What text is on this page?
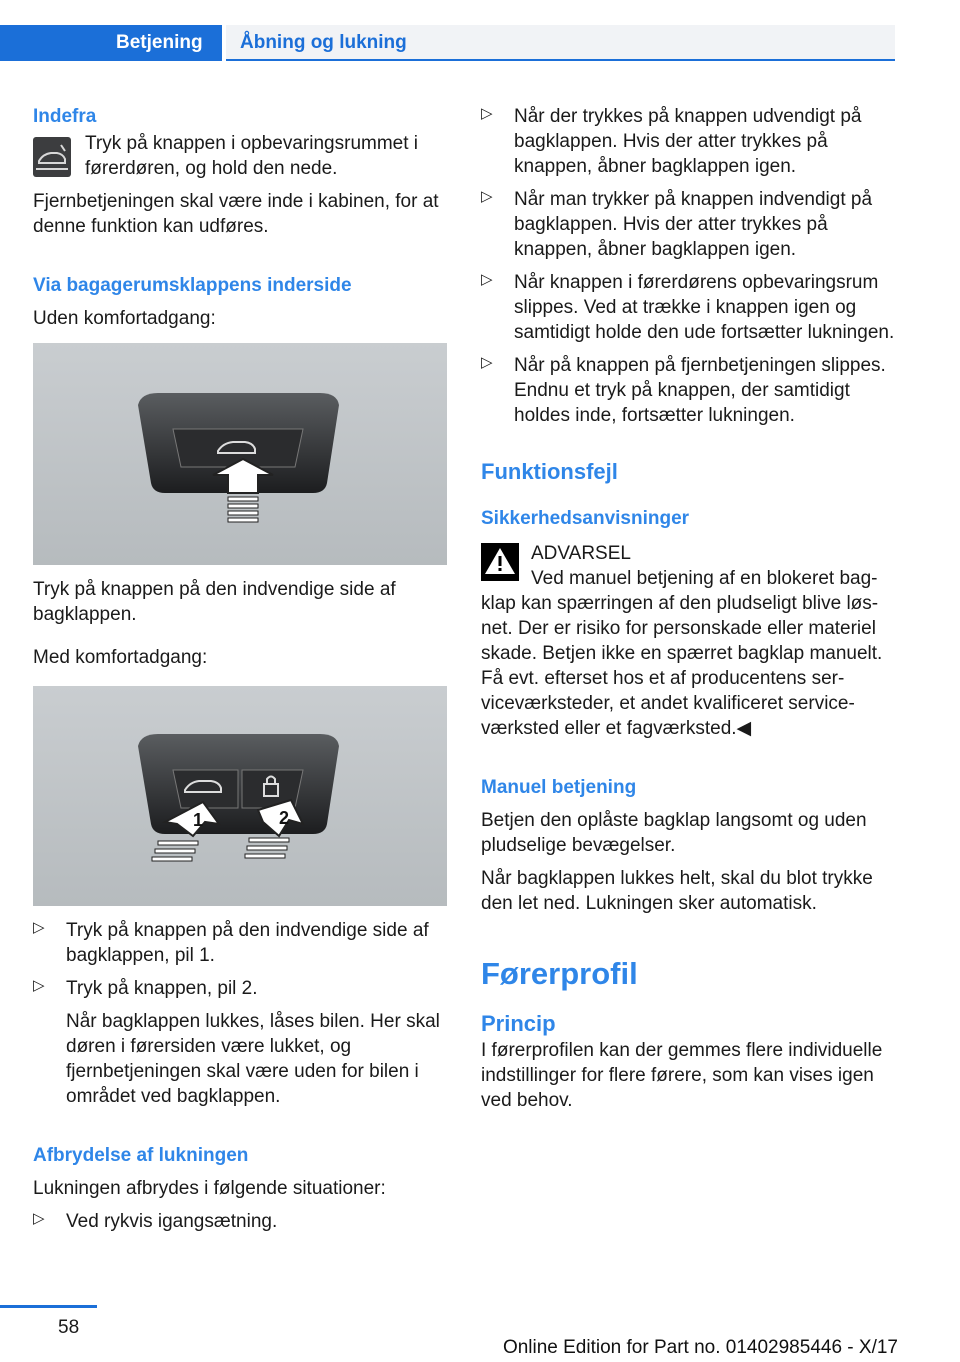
Betjening Åbning og lukning

Indefra

Tryk på knappen i opbevaringsrummet i førerdøren, og hold den nede.

Fjernbetjeningen skal være inde i kabinen, for at denne funktion kan udføres.

Via bagagerumsklappens inderside

Uden komfortadgang:

Tryk på knappen på den indvendige side af bagklappen.

Med komfortadgang:

1	2
▷ Tryk på knappen på den indvendige side af bagklappen, pil 1.

▷ Tryk på knappen, pil 2.

Når bagklappen lukkes, låses bilen. Her skal døren i førersiden være lukket, og fjernbetjeningen skal være uden for bilen i området ved bagklappen.

Afbrydelse af lukningen

Lukningen afbrydes i følgende situationer:

▷ Ved rykvis igangsætning.

▷ Når der trykkes på knappen udvendigt på bagklappen. Hvis der atter trykkes på knappen, åbner bagklappen igen.

▷ Når man trykker på knappen indvendigt på bagklappen. Hvis der atter trykkes på knappen, åbner bagklappen igen.

▷ Når knappen i førerdørens opbevaringsrum slippes. Ved at trække i knappen igen og samtidigt holde den ude fortsætter lukningen.

▷ Når på knappen på fjernbetjeningen slippes. Endnu et tryk på knappen, der samtidigt holdes inde, fortsætter lukningen.

Funktionsfejl

Sikkerhedsanvisninger

ADVARSEL

Ved manuel betjening af en blokeret bagklap kan spærringen af den pludseligt blive løsnet. Der er risiko for personskade eller materiel skade. Betjen ikke en spærret bagklap manuelt. Få evt. efterset hos et af producentens serviceværksteder, et andet kvalificeret serviceværksted eller et fagværksted.◀

Manuel betjening

Betjen den oplåste bagklap langsomt og uden pludselige bevægelser.

Når bagklappen lukkes helt, skal du blot trykke den let ned. Lukningen sker automatisk.

Førerprofil

Princip

I førerprofilen kan der gemmes flere individuelle indstillinger for flere førere, som kan vises igen ved behov.

58
Online Edition for Part no. 01402985446 - X/17
